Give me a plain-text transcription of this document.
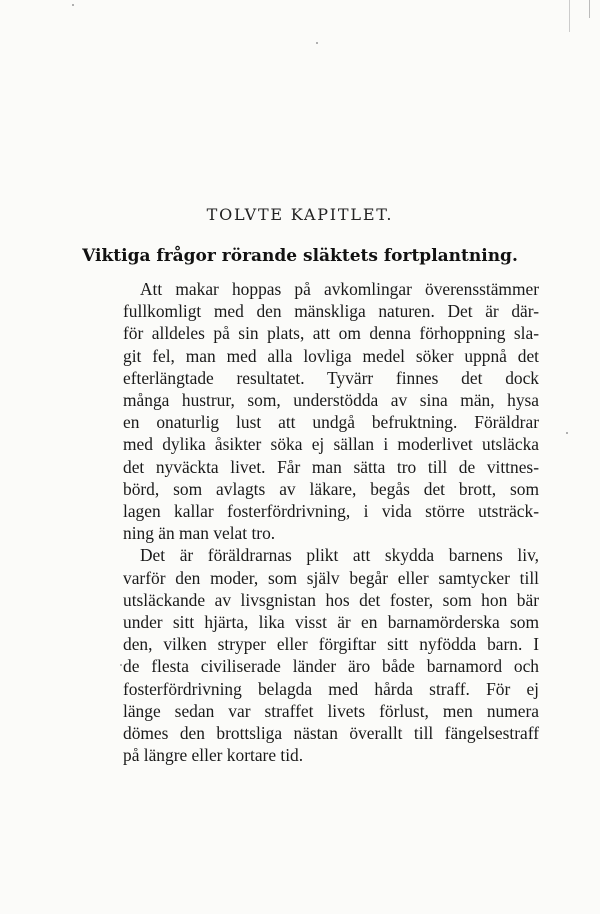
TOLVTE KAPITLET.
Viktiga frågor rörande släktets fortplantning.

Att makar hoppas på avkomlingar överensstämmer
fullkomligt med den mänskliga naturen. Det är där-
för alldeles på sin plats, att om denna förhoppning sla-
git fel, man med alla lovliga medel söker uppnå det
efterlängtade resultatet. Tyvärr finnes det dock
många hustrur, som, understödda av sina män, hysa
en onaturlig lust att undgå befruktning. Föräldrar
med dylika åsikter söka ej sällan i moderlivet utsläcka
det nyväckta livet. Får man sätta tro till de vittnes-
börd, som avlagts av läkare, begås det brott, som
lagen kallar fosterfördrivning, i vida större utsträck-
ning än man velat tro.

Det är föräldrarnas plikt att skydda barnens liv,
varför den moder, som själv begår eller samtycker till
utsläckande av livsgnistan hos det foster, som hon bär
under sitt hjärta, lika visst är en barnamörderska som
den, vilken stryper eller förgiftar sitt nyfödda barn. I
de flesta civiliserade länder äro både barnamord och
fosterfördrivning belagda med hårda straff. För ej
länge sedan var straffet livets förlust, men numera
dömes den brottsliga nästan överallt till fängelsestraff
på längre eller kortare tid.
